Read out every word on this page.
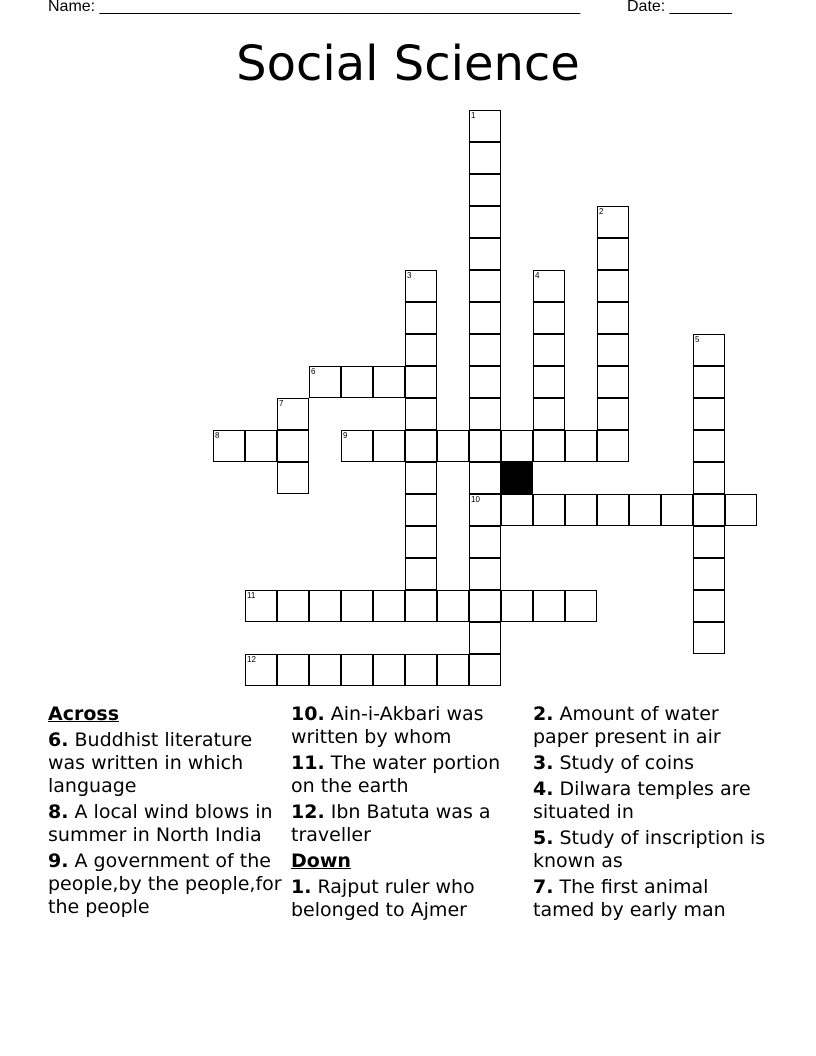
Name: ______________________________________________________	Date: _______
Social Science
1
10
2
3	4
5
6
7
8	9
11
12
Across
6. Buddhist literature was written in which language
8. A local wind blows in summer in North India
9. A government of the people,by the people,for the people
10. Ain-i-Akbari was written by whom
11. The water portion on the earth
12. Ibn Batuta was a traveller
Down
1. Rajput ruler who belonged to Ajmer
2. Amount of water paper present in air
3. Study of coins
4. Dilwara temples are situated in
5. Study of inscription is known as
7. The first animal tamed by early man
